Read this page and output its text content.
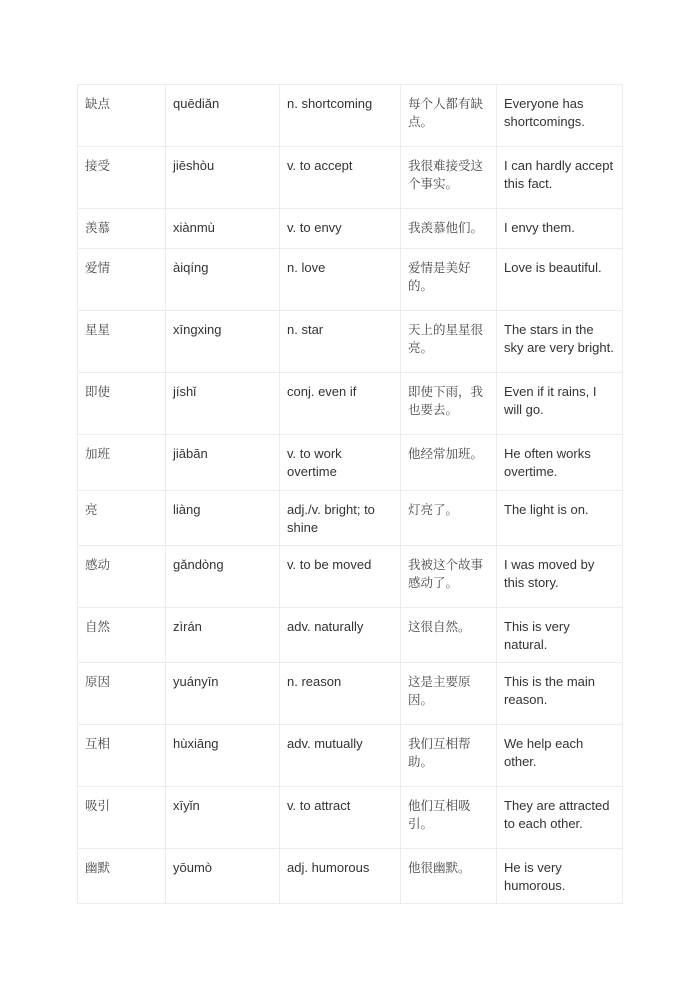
缺点	quēdiǎn	n. shortcoming	每个人都有缺点。	Everyone has shortcomings.
接受	jiēshòu	v. to accept	我很难接受这个事实。	I can hardly accept this fact.
羡慕	xiànmù	v. to envy	我羡慕他们。	I envy them.
爱情	àiqíng	n. love	爱情是美好的。	Love is beautiful.
星星	xīngxing	n. star	天上的星星很亮。	The stars in the sky are very bright.
即使	jíshǐ	conj. even if	即使下雨，我也要去。	Even if it rains, I will go.
加班	jiābān	v. to work overtime	他经常加班。	He often works overtime.
亮	liàng	adj./v. bright; to shine	灯亮了。	The light is on.
感动	gǎndòng	v. to be moved	我被这个故事感动了。	I was moved by this story.
自然	zìrán	adv. naturally	这很自然。	This is very natural.
原因	yuányīn	n. reason	这是主要原因。	This is the main reason.
互相	hùxiāng	adv. mutually	我们互相帮助。	We help each other.
吸引	xīyǐn	v. to attract	他们互相吸引。	They are attracted to each other.
幽默	yōumò	adj. humorous	他很幽默。	He is very humorous.
